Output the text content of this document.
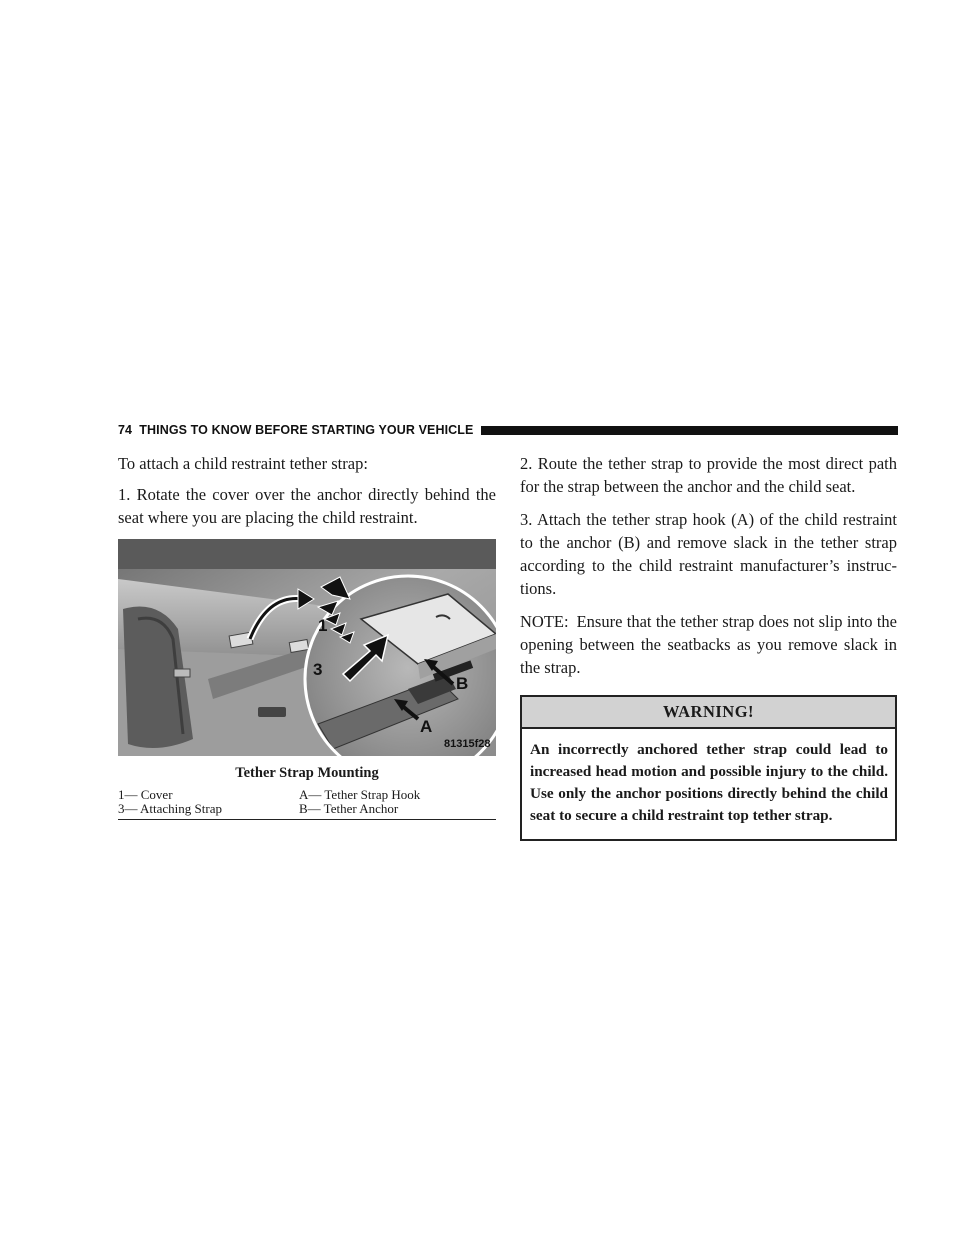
74 THINGS TO KNOW BEFORE STARTING YOUR VEHICLE

To attach a child restraint tether strap:

1. Rotate the cover over the anchor directly behind the seat where you are placing the child restraint.

1
3
B
A
81315f28
Tether Strap Mounting
1— Cover	A— Tether Strap Hook
3— Attaching Strap	B— Tether Anchor

2. Route the tether strap to provide the most direct path for the strap between the anchor and the child seat.

3. Attach the tether strap hook (A) of the child restraint to the anchor (B) and remove slack in the tether strap according to the child restraint manufacturer’s instruc-tions.

NOTE: Ensure that the tether strap does not slip into the opening between the seatbacks as you remove slack in the strap.

WARNING!
An incorrectly anchored tether strap could lead to increased head motion and possible injury to the child. Use only the anchor positions directly behind the child seat to secure a child restraint top tether strap.
